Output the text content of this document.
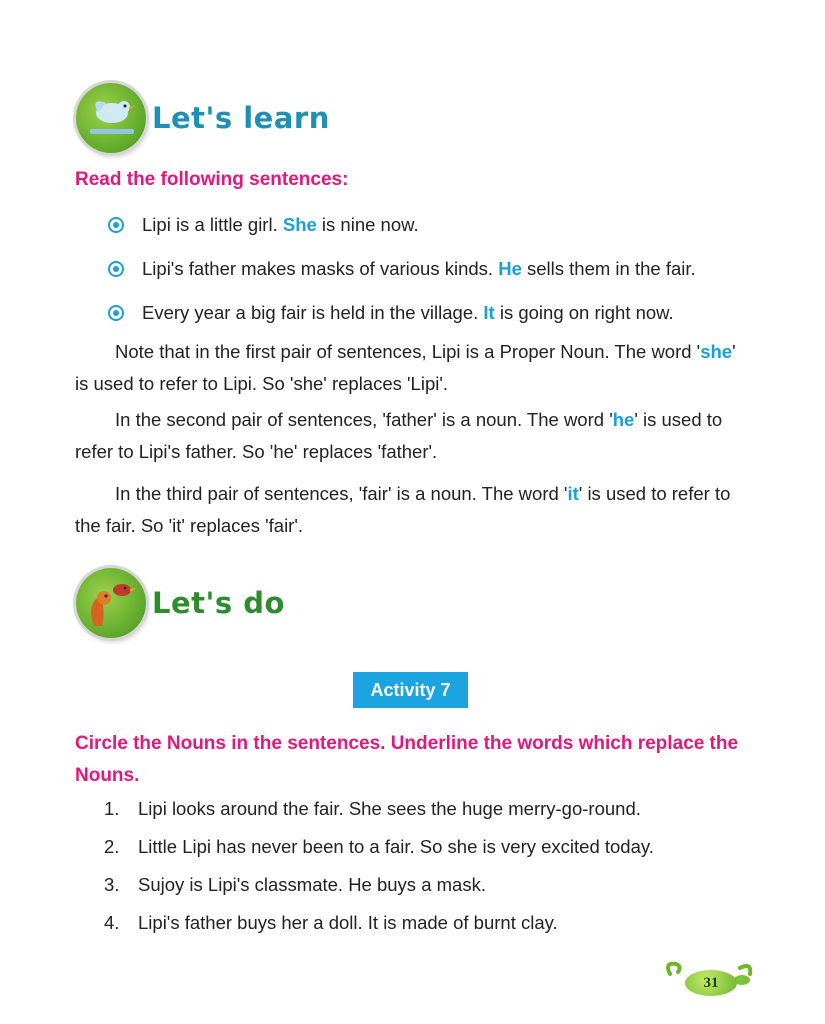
Let's learn
Read the following sentences:
Lipi is a little girl. She is nine now.
Lipi's father makes masks of various kinds. He sells them in the fair.
Every year a big fair is held in the village. It is going on right now.

Note that in the first pair of sentences, Lipi is a Proper Noun. The word 'she' is used to refer to Lipi. So 'she' replaces 'Lipi'.

In the second pair of sentences, 'father' is a noun. The word 'he' is used to refer to Lipi's father. So 'he' replaces 'father'.

In the third pair of sentences, 'fair' is a noun. The word 'it' is used to refer to the fair. So 'it' replaces 'fair'.

Let's do
Activity 7
Circle the Nouns in the sentences. Underline the words which replace the Nouns.
1.	Lipi looks around the fair. She sees the huge merry-go-round.
2.	Little Lipi has never been to a fair. So she is very excited today.
3.	Sujoy is Lipi's classmate. He buys a mask.
4.	Lipi's father buys her a doll. It is made of burnt clay.
31
